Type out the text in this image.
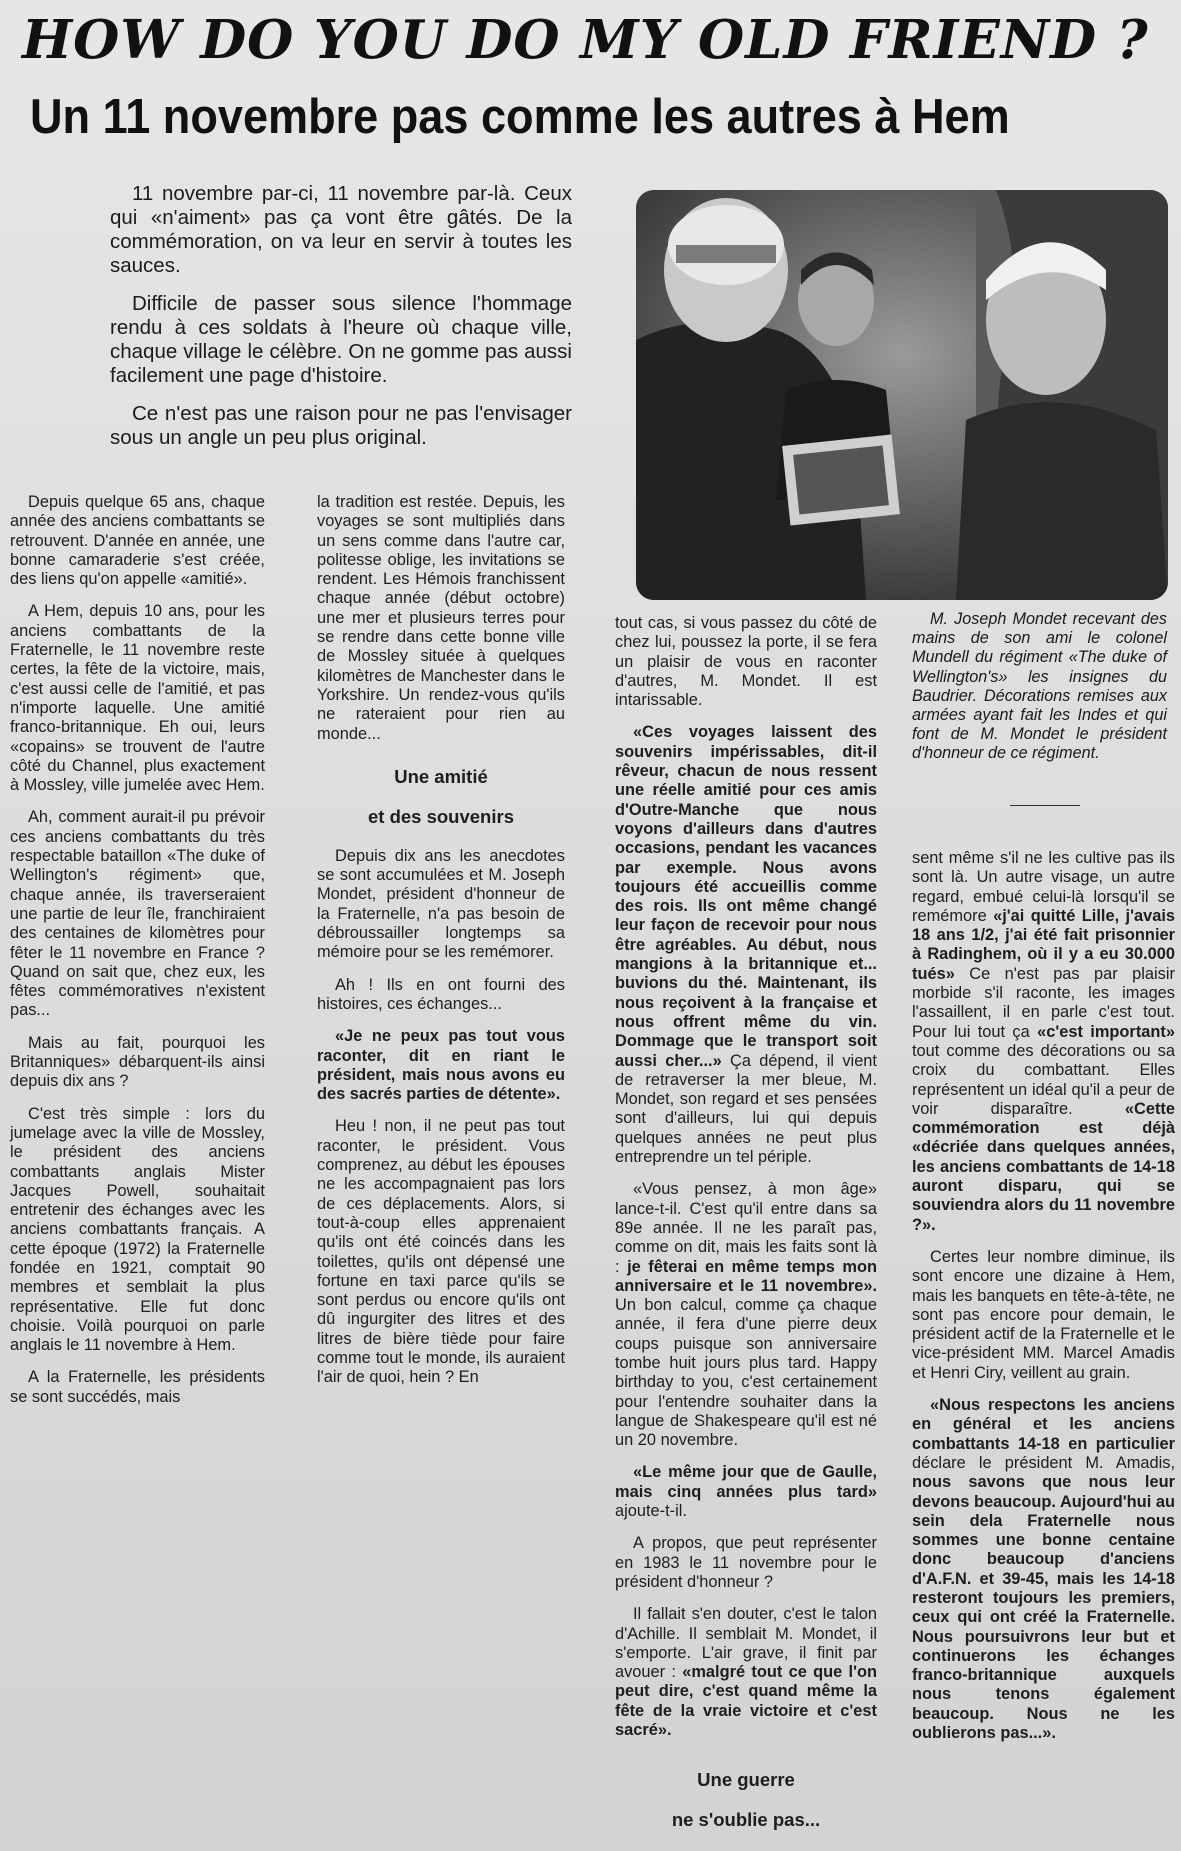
HOW DO YOU DO MY OLD FRIEND ?
Un 11 novembre pas comme les autres à Hem

11 novembre par-ci, 11 novembre par-là. Ceux qui «n'aiment» pas ça vont être gâtés. De la commémoration, on va leur en servir à toutes les sauces.

Difficile de passer sous silence l'hommage rendu à ces soldats à l'heure où chaque ville, chaque village le célèbre. On ne gomme pas aussi facilement une page d'histoire.

Ce n'est pas une raison pour ne pas l'envisager sous un angle un peu plus original.

Depuis quelque 65 ans, chaque année des anciens combattants se retrouvent. D'année en année, une bonne camaraderie s'est créée, des liens qu'on appelle «amitié».

A Hem, depuis 10 ans, pour les anciens combattants de la Fraternelle, le 11 novembre reste certes, la fête de la victoire, mais, c'est aussi celle de l'amitié, et pas n'importe laquelle. Une amitié franco-britannique. Eh oui, leurs «copains» se trouvent de l'autre côté du Channel, plus exactement à Mossley, ville jumelée avec Hem.

Ah, comment aurait-il pu prévoir ces anciens combattants du très respectable bataillon «The duke of Wellington's régiment» que, chaque année, ils traverseraient une partie de leur île, franchiraient des centaines de kilomètres pour fêter le 11 novembre en France ? Quand on sait que, chez eux, les fêtes commémoratives n'existent pas...

Mais au fait, pourquoi les Britanniques» débarquent-ils ainsi depuis dix ans ?

C'est très simple : lors du jumelage avec la ville de Mossley, le président des anciens combattants anglais Mister Jacques Powell, souhaitait entretenir des échanges avec les anciens combattants français. A cette époque (1972) la Fraternelle fondée en 1921, comptait 90 membres et semblait la plus représentative. Elle fut donc choisie. Voilà pourquoi on parle anglais le 11 novembre à Hem.

A la Fraternelle, les présidents se sont succédés, mais

la tradition est restée. Depuis, les voyages se sont multipliés dans un sens comme dans l'autre car, politesse oblige, les invitations se rendent. Les Hémois franchissent chaque année (début octobre) une mer et plusieurs terres pour se rendre dans cette bonne ville de Mossley située à quelques kilomètres de Manchester dans le Yorkshire. Un rendez-vous qu'ils ne rateraient pour rien au monde...

Une amitié
et des souvenirs

Depuis dix ans les anecdotes se sont accumulées et M. Joseph Mondet, président d'honneur de la Fraternelle, n'a pas besoin de débroussailler longtemps sa mémoire pour se les remémorer.

Ah ! Ils en ont fourni des histoires, ces échanges...

«Je ne peux pas tout vous raconter, dit en riant le président, mais nous avons eu des sacrés parties de détente».

Heu ! non, il ne peut pas tout raconter, le président. Vous comprenez, au début les épouses ne les accompagnaient pas lors de ces déplacements. Alors, si tout-à-coup elles apprenaient qu'ils ont été coincés dans les toilettes, qu'ils ont dépensé une fortune en taxi parce qu'ils se sont perdus ou encore qu'ils ont dû ingurgiter des litres et des litres de bière tiède pour faire comme tout le monde, ils auraient l'air de quoi, hein ? En

tout cas, si vous passez du côté de chez lui, poussez la porte, il se fera un plaisir de vous en raconter d'autres, M. Mondet. Il est intarissable.

«Ces voyages laissent des souvenirs impérissables, dit-il rêveur, chacun de nous ressent une réelle amitié pour ces amis d'Outre-Manche que nous voyons d'ailleurs dans d'autres occasions, pendant les vacances par exemple. Nous avons toujours été accueillis comme des rois. Ils ont même changé leur façon de recevoir pour nous être agréables. Au début, nous mangions à la britannique et... buvions du thé. Maintenant, ils nous reçoivent à la française et nous offrent même du vin. Dommage que le transport soit aussi cher...» Ça dépend, il vient de retraverser la mer bleue, M. Mondet, son regard et ses pensées sont d'ailleurs, lui qui depuis quelques années ne peut plus entreprendre un tel périple.

«Vous pensez, à mon âge» lance-t-il. C'est qu'il entre dans sa 89e année. Il ne les paraît pas, comme on dit, mais les faits sont là : je fêterai en même temps mon anniversaire et le 11 novembre». Un bon calcul, comme ça chaque année, il fera d'une pierre deux coups puisque son anniversaire tombe huit jours plus tard. Happy birthday to you, c'est certainement pour l'entendre souhaiter dans la langue de Shakespeare qu'il est né un 20 novembre.

«Le même jour que de Gaulle, mais cinq années plus tard» ajoute-t-il.

A propos, que peut représenter en 1983 le 11 novembre pour le président d'honneur ?

Il fallait s'en douter, c'est le talon d'Achille. Il semblait M. Mondet, il s'emporte. L'air grave, il finit par avouer : «malgré tout ce que l'on peut dire, c'est quand même la fête de la vraie victoire et c'est sacré».

Une guerre
ne s'oublie pas...

M. Joseph Mondet recevant des mains de son ami le colonel Mundell du régiment «The duke of Wellington's» les insignes du Baudrier. Décorations remises aux armées ayant fait les Indes et qui font de M. Mondet le président d'honneur de ce régiment.

sent même s'il ne les cultive pas ils sont là. Un autre visage, un autre regard, embué celui-là lorsqu'il se remémore «j'ai quitté Lille, j'avais 18 ans 1/2, j'ai été fait prisonnier à Radinghem, où il y a eu 30.000 tués» Ce n'est pas par plaisir morbide s'il raconte, les images l'assaillent, il en parle c'est tout. Pour lui tout ça «c'est important» tout comme des décorations ou sa croix du combattant. Elles représentent un idéal qu'il a peur de voir disparaître.	«Cette commémoration est déjà «décriée dans quelques années, les anciens combattants de 14-18 auront disparu, qui se souviendra alors du 11 novembre ?».

Certes leur nombre diminue, ils sont encore une dizaine à Hem, mais les banquets en tête-à-tête, ne sont pas encore pour demain, le président actif de la Fraternelle et le vice-président MM. Marcel Amadis et Henri Ciry, veillent au grain.

«Nous respectons les anciens en général et les anciens combattants 14-18 en particulier déclare le président M. Amadis, nous savons que nous leur devons beaucoup. Aujourd'hui au sein dela Fraternelle nous sommes une bonne centaine donc beaucoup d'anciens d'A.F.N. et 39-45, mais les 14-18 resteront toujours les premiers, ceux qui ont créé la Fraternelle. Nous poursuivrons leur but et continuerons les échanges franco-britannique auxquels nous tenons également beaucoup. Nous ne les oublierons pas...».
